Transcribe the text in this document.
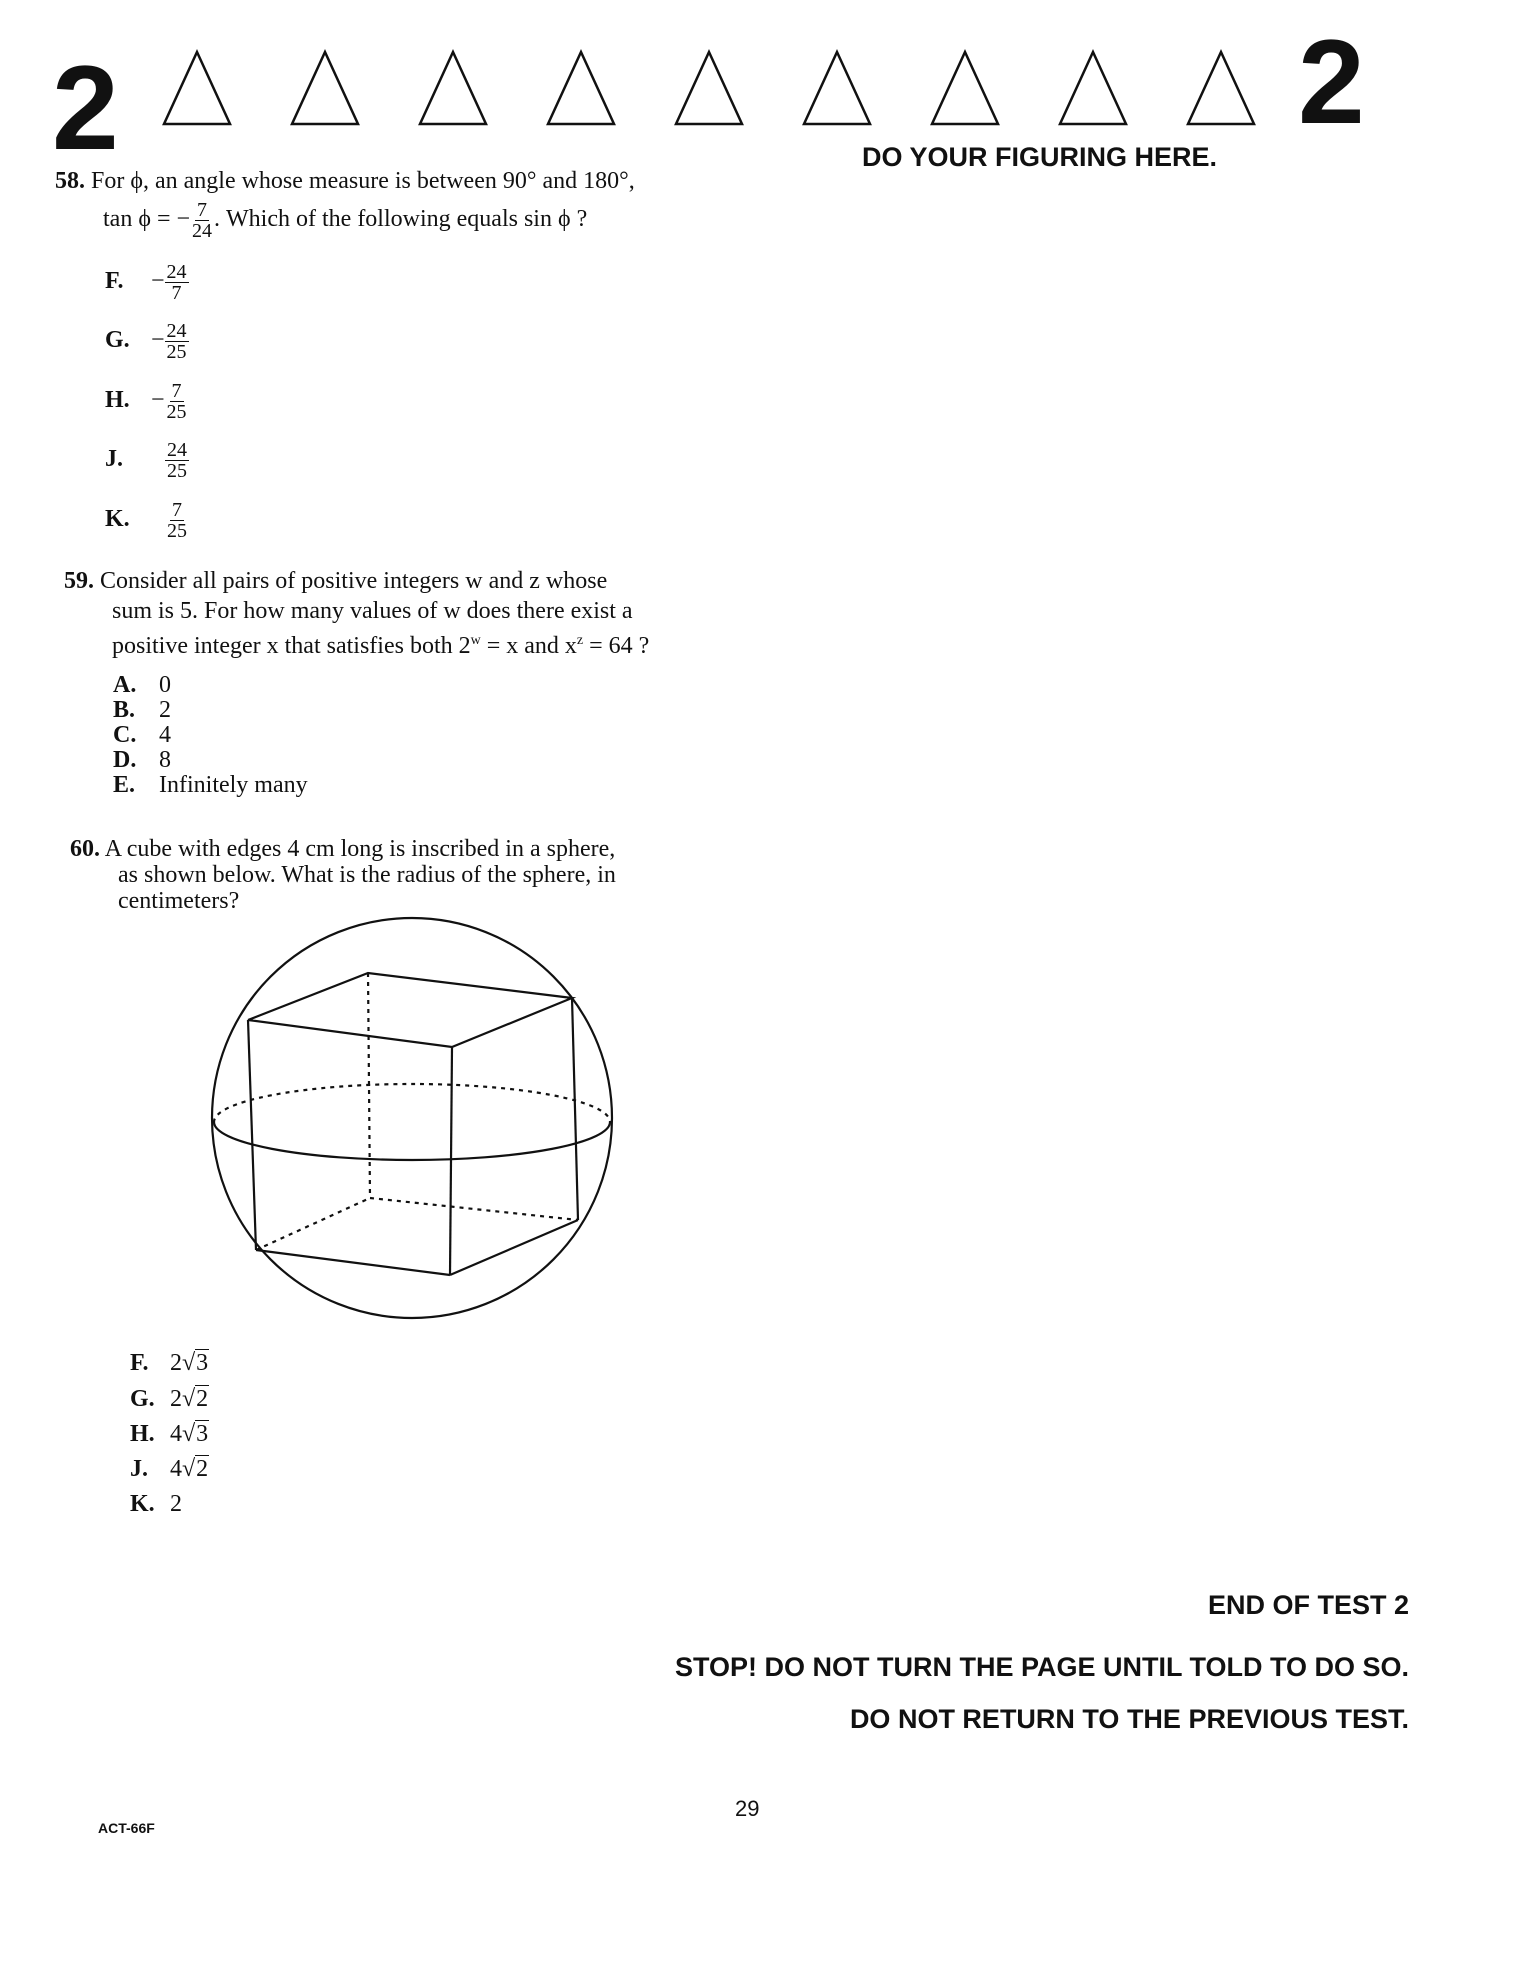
2	2
DO YOUR FIGURING HERE.
58. For ϕ, an angle whose measure is between 90° and 180°,
tan ϕ = − $\frac{7}{24}$ . Which of the following equals sin ϕ ?
F. − $\frac{24}{7}$
G. − $\frac{24}{25}$
H. − $\frac{7}{25}$
J. $\frac{24}{25}$
K. $\frac{7}{25}$
59. Consider all pairs of positive integers w and z whose
sum is 5. For how many values of w does there exist a
positive integer x that satisfies both $2^w = x$ and $x^z = 64$ ?
A. 0
B. 2
C. 4
D. 8
E. Infinitely many
60. A cube with edges 4 cm long is inscribed in a sphere,
as shown below. What is the radius of the sphere, in
centimeters?
F. 2√3
G. 2√2
H. 4√3
J. 4√2
K. 2
END OF TEST 2
STOP! DO NOT TURN THE PAGE UNTIL TOLD TO DO SO.
DO NOT RETURN TO THE PREVIOUS TEST.
29
ACT-66F
